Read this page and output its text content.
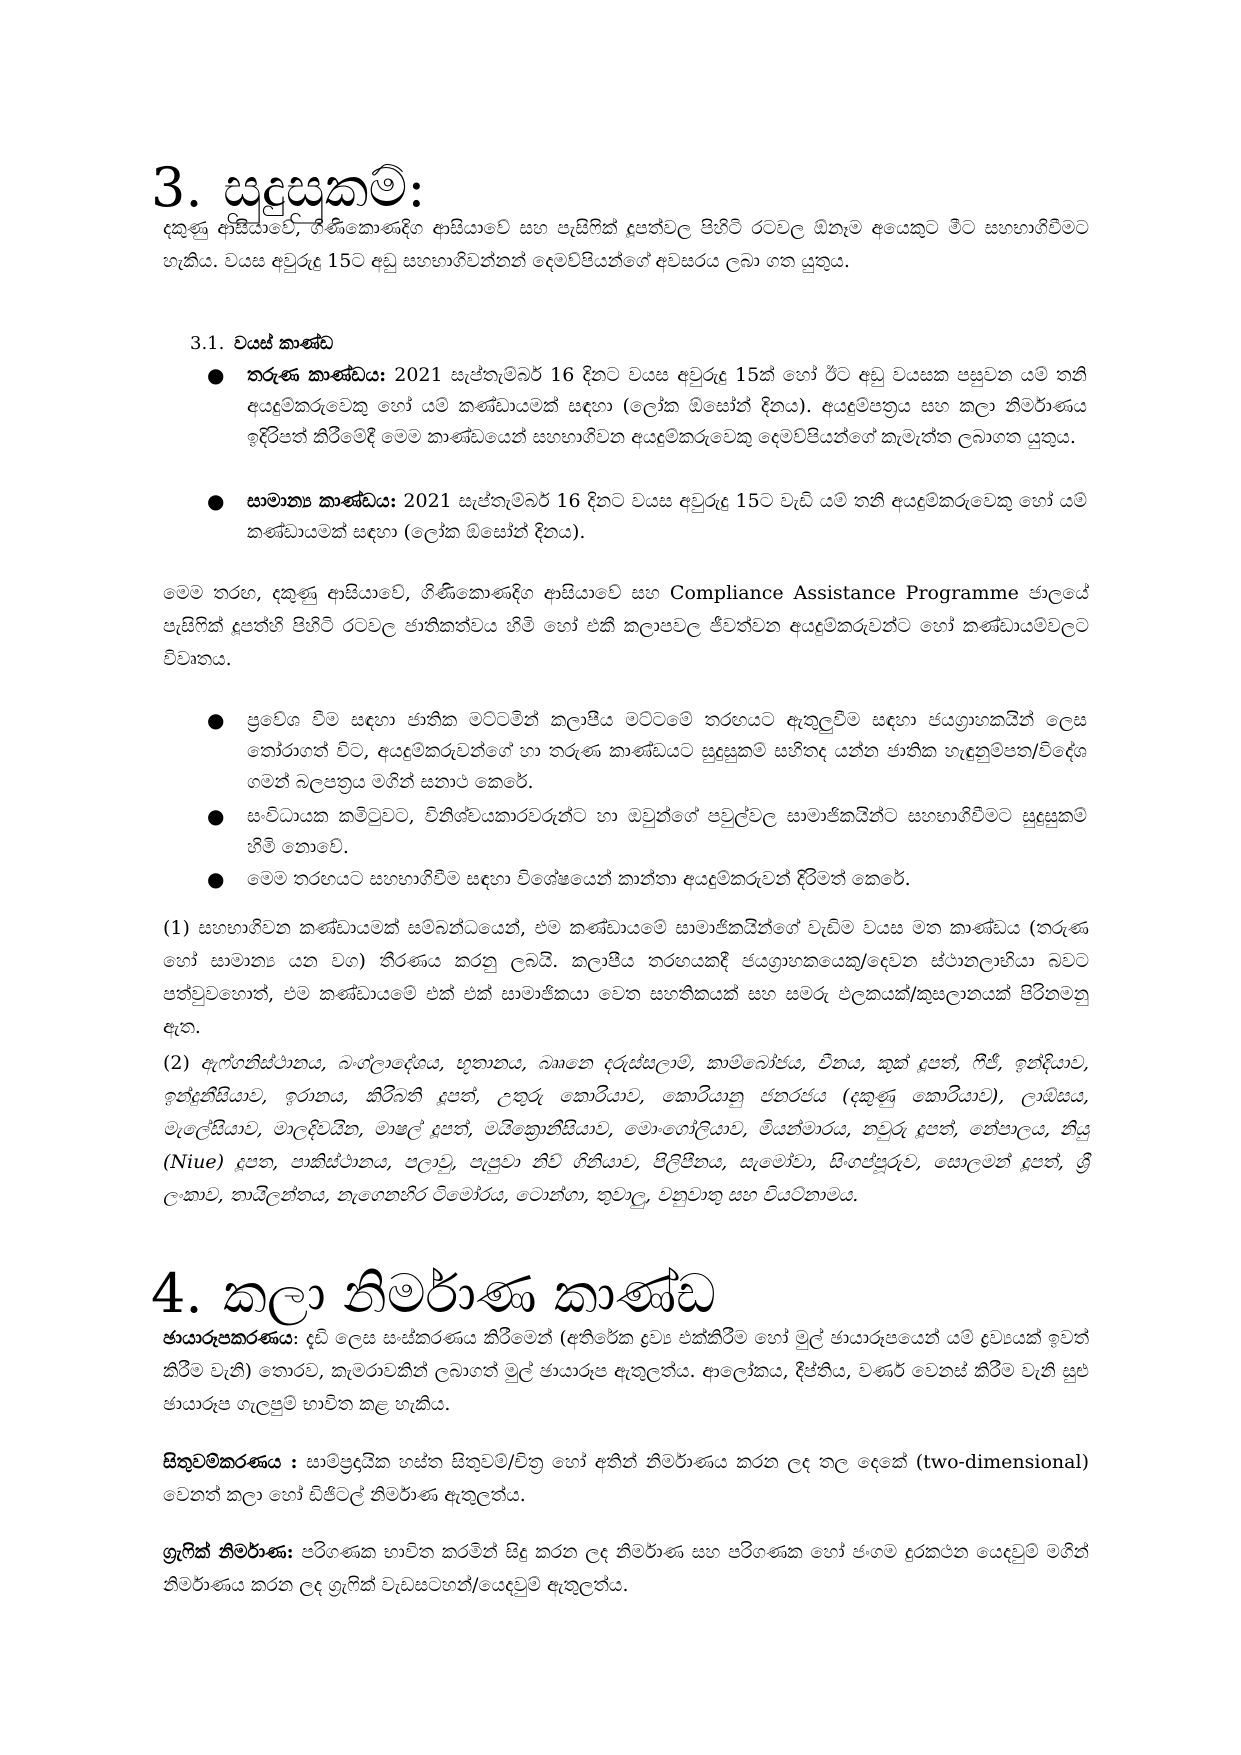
3. සුදුසුකම්:
දකුණු ආසියාවේ, ගිණිකොණදිග ආසියාවේ සහ පැසිෆික් දූපත්වල පිහිටි රටවල ඕනෑම අයෙකුට මීට සහභාගිවීමට හැකිය. වයස අවුරුදු 15ට අඩු සහභාගිවන්නන් දෙමව්පියන්ගේ අවසරය ලබා ගත යුතුය.
3.1. වයස් කාණ්ඩ
● තරුණ කාණ්ඩය: 2021 සැප්තැම්බර් 16 දිනට වයස අවුරුදු 15ක් හෝ ඊට අඩු වයසක පසුවන යම් තනි අයදුම්කරුවෙකු හෝ යම් කණ්ඩායමක් සඳහා (ලෝක ඕසෝන් දිනය). අයදුම්පත්‍රය සහ කලා නිර්මාණය ඉදිරිපත් කිරීමේදී මෙම කාණ්ඩයෙන් සහභාගිවන අයදුම්කරුවෙකු දෙමව්පියන්ගේ කැමැත්ත ලබාගත යුතුය.
● සාමාන්‍ය කාණ්ඩය: 2021 සැප්තැම්බර් 16 දිනට වයස අවුරුදු 15ට වැඩි යම් තනි අයදුම්කරුවෙකු හෝ යම් කණ්ඩායමක් සඳහා (ලෝක ඕසෝන් දිනය).
මෙම තරඟ, දකුණු ආසියාවේ, ගිණිකොණදිග ආසියාවේ සහ Compliance Assistance Programme ජාලයේ පැසිෆික් දූපත්හි පිහිටි රටවල ජාතිකත්වය හිමි හෝ එකී කලාපවල ජීවත්වන අයදුම්කරුවන්ට හෝ කණ්ඩායම්වලට විවෘතය.
● ප්‍රවේශ වීම සඳහා ජාතික මට්ටමින් කලාපීය මට්ටමේ තරඟයට ඇතුලුවීම සඳහා ජයග්‍රාහකයින් ලෙස තෝරාගත් විට, අයදුම්කරුවන්ගේ හා තරුණ කාණ්ඩයට සුදුසුකම් සහිතද යන්න ජාතික හැඳුනුම්පත/විදේශ ගමන් බලපත්‍රය මගින් සනාථ කෙරේ.
● සංවිධායක කමිටුවට, විනිශ්චයකාරවරුන්ට හා ඔවුන්ගේ පවුල්වල සාමාජිකයින්ට සහභාගිවීමට සුදුසුකම් හිමි නොවේ.
● මෙම තරඟයට සහභාගිවීම සඳහා විශේෂයෙන් කාන්තා අයදුම්කරුවන් දිරිමත් කෙරේ.
(1) සහභාගිවන කණ්ඩායමක් සම්බන්ධයෙන්, එම කණ්ඩායමේ සාමාජිකයින්ගේ වැඩිම වයස මත කාණ්ඩය (තරුණ හෝ සාමාන්‍ය යන වග) තීරණය කරනු ලබයි. කලාපීය තරඟයකදී ජයග්‍රාහකයෙකු/දෙවන ස්ථානලාභියා බවට පත්වුවහොත්, එම කණ්ඩායමේ එක් එක් සාමාජිකයා වෙත සහතිකයක් සහ සමරු ඵලකයක්/කුසලානයක් පිරිනමනු ඇත.
(2) ඇෆ්ගනිස්ථානය, බංග්ලාදේශය, භූතානය, බෲනෙ දරුස්සලාම්, කාම්බෝජය, චීනය, කුක් දූපත්, ෆීජී, ඉන්දියාව, ඉන්දුනීසියාව, ඉරානය, කිරිබති දූපත්, උතුරු කොරියාව, කොරියානු ජනරජය (දකුණු කොරියාව), ලාඕසය, මැලේසියාව, මාලදිවයින, මාෂල් දූපත්, මයික්‍රොනීසියාව, මොංගෝලියාව, මියන්මාරය, නවුරු දූපත්, නේපාලය, නියු (Niue) දූපත, පාකිස්ථානය, පලාවු, පැපුවා නිව් ගිනියාව, පිලිපීනය, සැමෝවා, සිංගප්පූරුව, සොලමන් දූපත්, ශ්‍රී ලංකාව, තායිලන්තය, නැගෙනහිර ටිමෝරය, ටොන්ගා, තුවාලු, වනුවාතු සහ වියට්නාමය.
4. කලා නිර්මාණ කාණ්ඩ
ඡායාරූපකරණය: දැඩි ලෙස සංස්කරණය කිරීමෙන් (අතිරේක ද්‍රව්‍ය එක්කිරීම හෝ මුල් ඡායාරූපයෙන් යම් ද්‍රව්‍යයක් ඉවත් කිරීම වැනි) තොරව, කැමරාවකින් ලබාගත් මුල් ඡායාරූප ඇතුලත්ය. ආලෝකය, දීප්තිය, වර්ණ වෙනස් කිරීම වැනි සුළු ඡායාරූප ගැලපුම් භාවිත කළ හැකිය.
සිතුවම්කරණය : සාම්ප්‍රදායික හස්ත සිතුවම්/චිත්‍ර හෝ අතින් නිර්මාණය කරන ලද තල දෙකේ (two-dimensional) වෙනත් කලා හෝ ඩිජිටල් නිර්මාණ ඇතුලත්ය.
ග්‍රැෆික් නිර්මාණ: පරිගණක භාවිත කරමින් සිදු කරන ලද නිර්මාණ සහ පරිගණක හෝ ජංගම දුරකථන යෙදවුම් මගින් නිර්මාණය කරන ලද ග්‍රැෆික් වැඩසටහන්/යෙදවුම් ඇතුලත්ය.
